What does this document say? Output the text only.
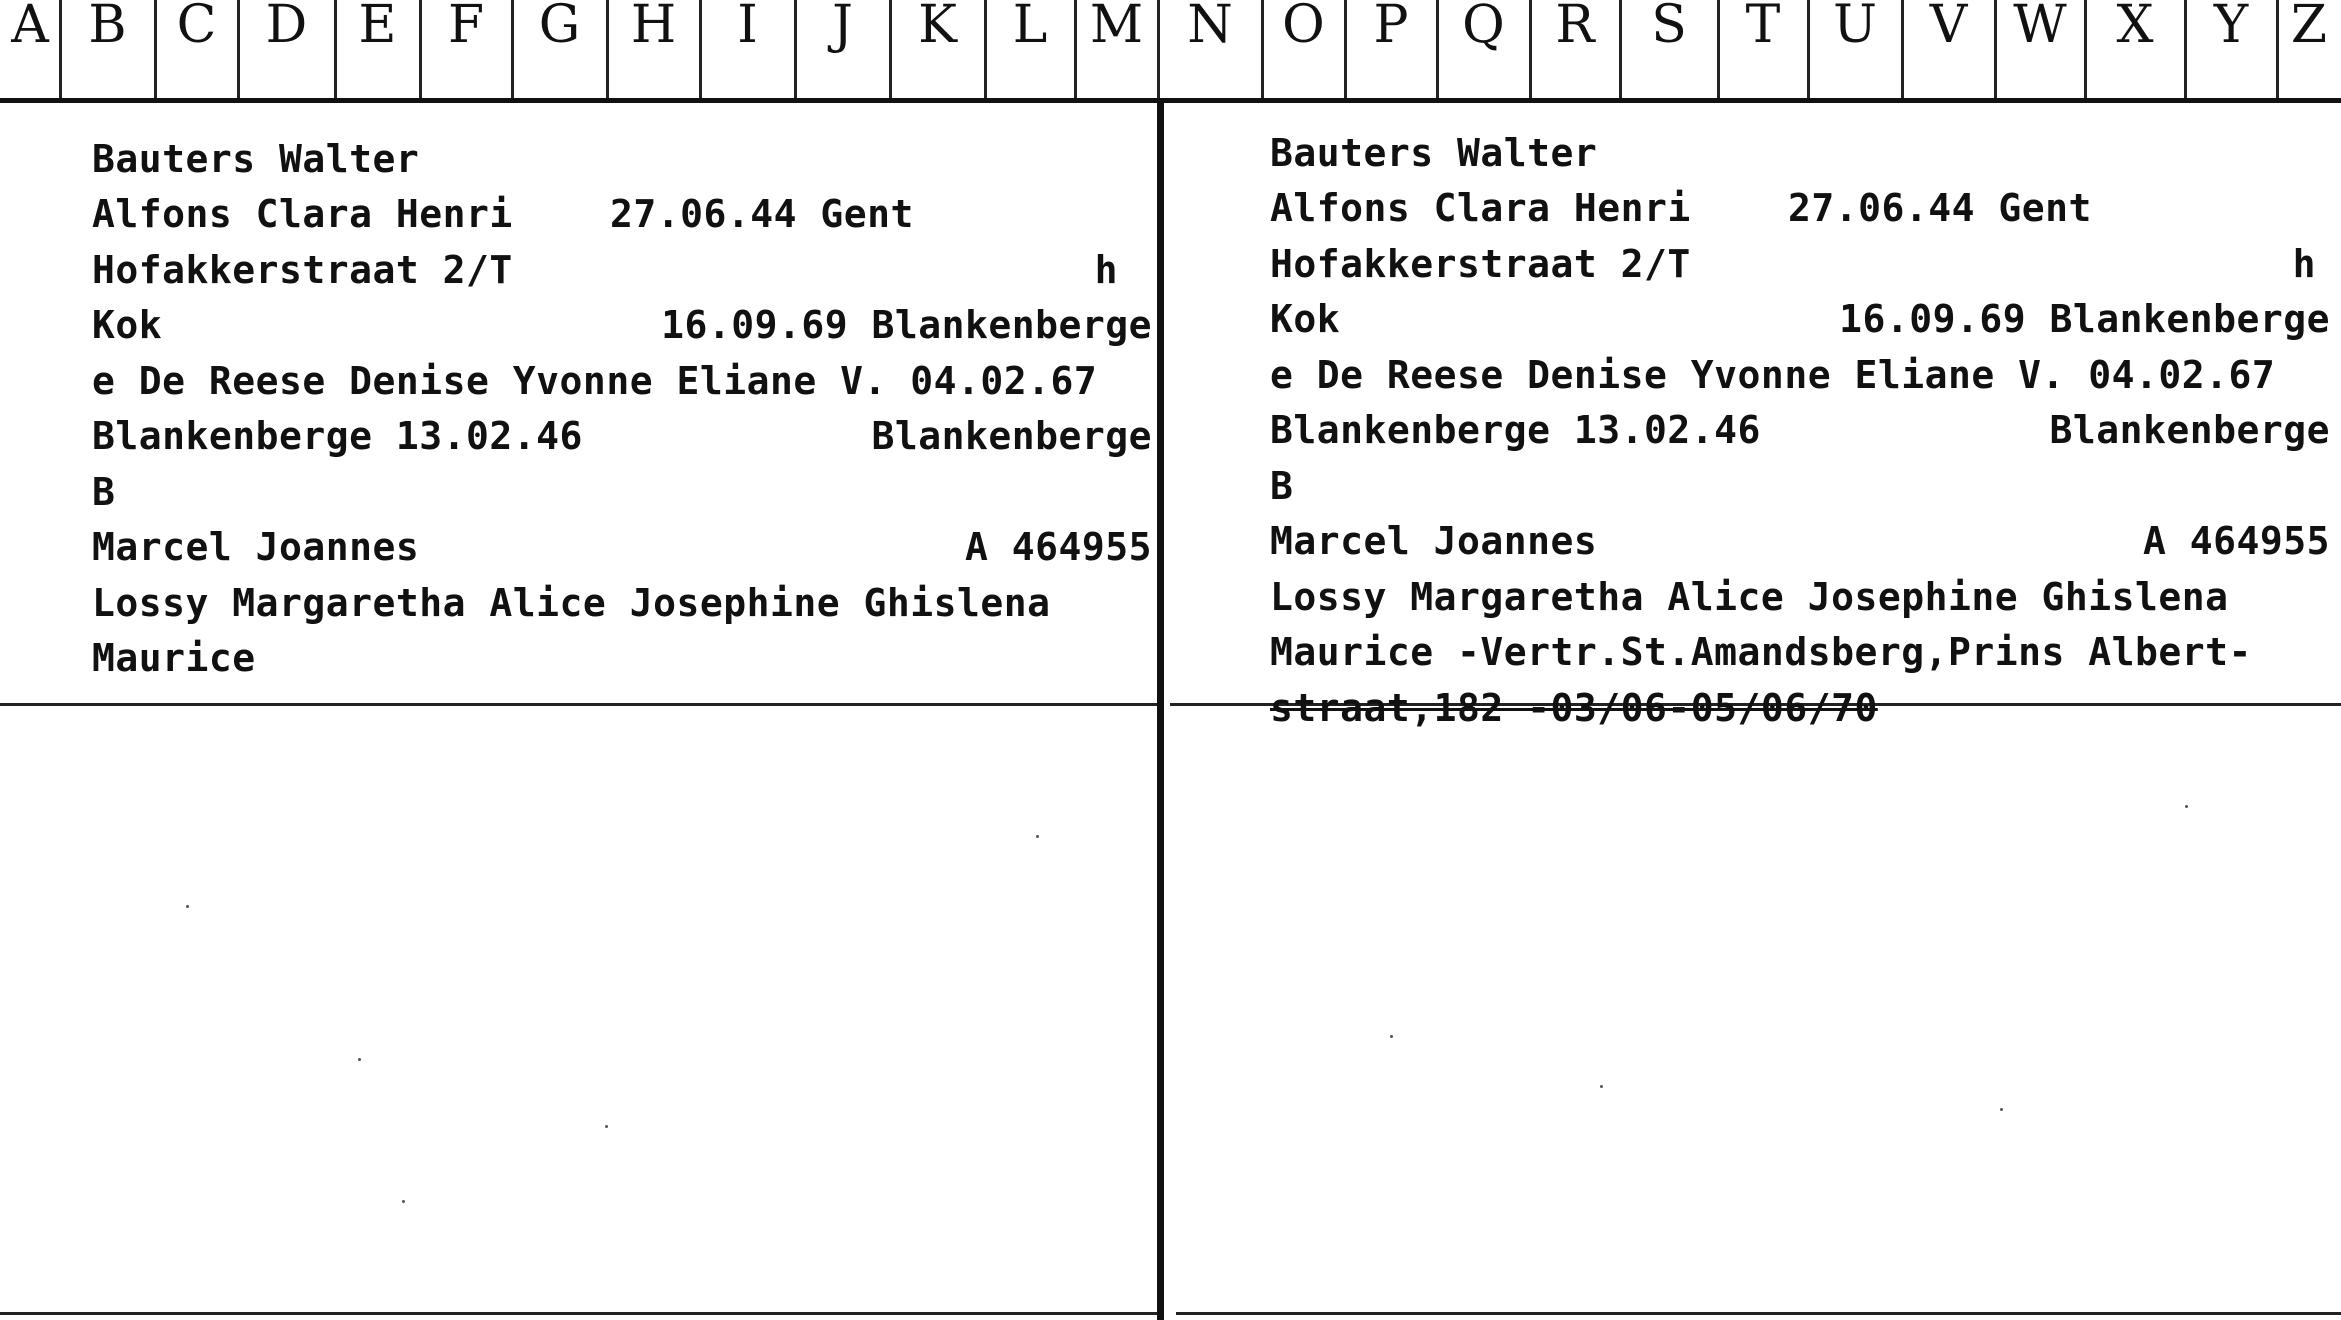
A B C D E F G H I J K L M N O P Q R S T U V W X Y Z
Bauters Walter
Alfons Clara Henri	27.06.44 Gent
Hofakkerstraat 2/T	h
Kok	16.09.69 Blankenberge
e De Reese Denise Yvonne Eliane V. 04.02.67
Blankenberge 13.02.46	Blankenberge
B
Marcel Joannes	A 464955
Lossy Margaretha Alice Josephine Ghislena
Maurice
Bauters Walter
Alfons Clara Henri	27.06.44 Gent
Hofakkerstraat 2/T	h
Kok	16.09.69 Blankenberge
e De Reese Denise Yvonne Eliane V. 04.02.67
Blankenberge 13.02.46	Blankenberge
B
Marcel Joannes	A 464955
Lossy Margaretha Alice Josephine Ghislena
Maurice -Vertr.St.Amandsberg,Prins Albert-
straat,182 -03/06-05/06/70
